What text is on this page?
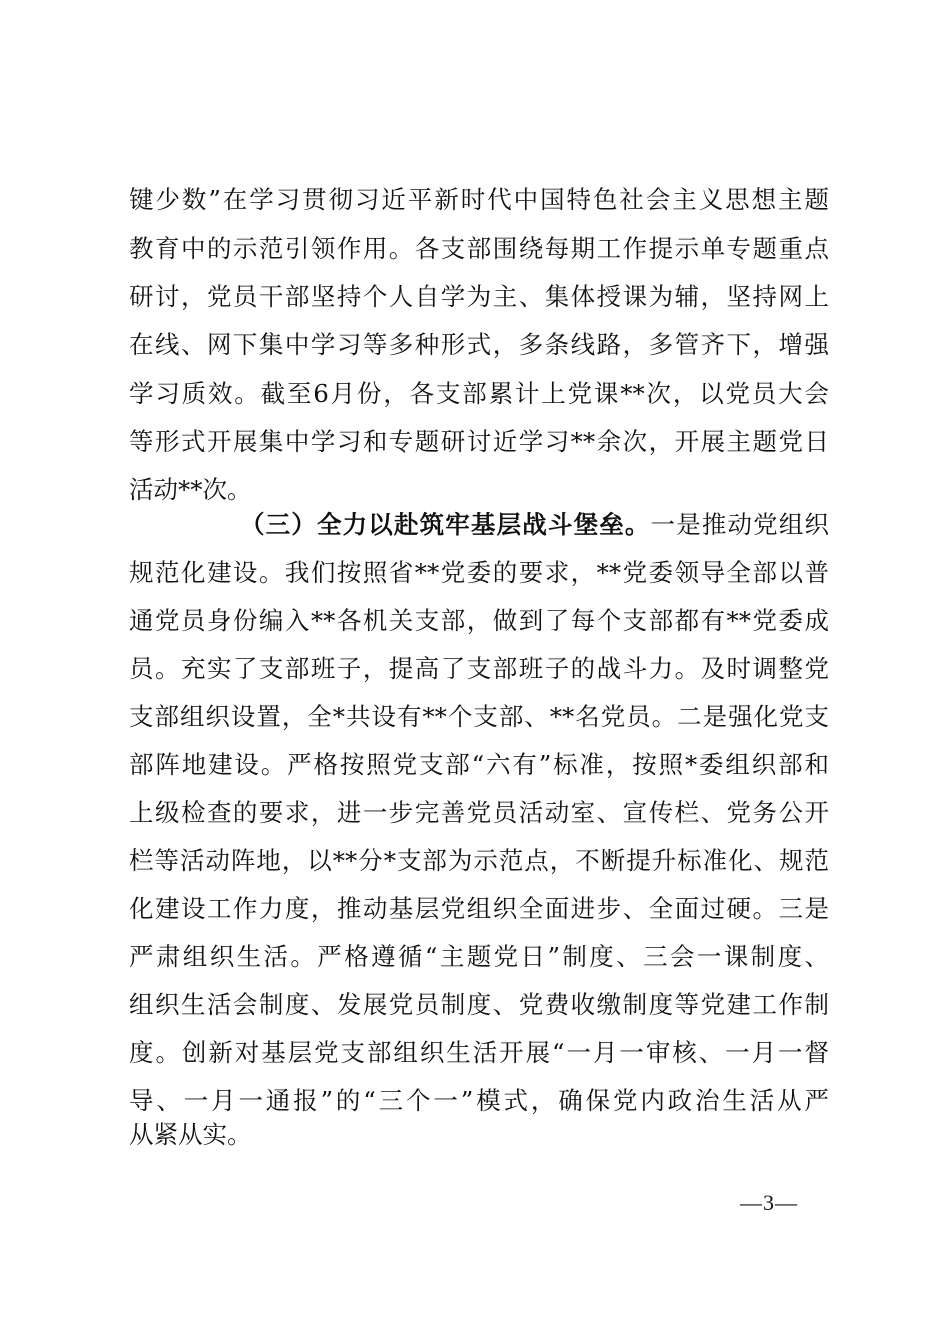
键少数”在学习贯彻习近平新时代中国特色社会主义思想主题
教育中的示范引领作用。各支部围绕每期工作提示单专题重点
研讨，党员干部坚持个人自学为主、集体授课为辅，坚持网上
在线、网下集中学习等多种形式，多条线路，多管齐下，增强
学习质效。截至6月份，各支部累计上党课**次，以党员大会
等形式开展集中学习和专题研讨近学习**余次，开展主题党日
活动**次。
（三）全力以赴筑牢基层战斗堡垒。一是推动党组织
规范化建设。我们按照省**党委的要求，**党委领导全部以普
通党员身份编入**各机关支部，做到了每个支部都有**党委成
员。充实了支部班子，提高了支部班子的战斗力。及时调整党
支部组织设置，全*共设有**个支部、**名党员。二是强化党支
部阵地建设。严格按照党支部“六有”标准，按照*委组织部和
上级检查的要求，进一步完善党员活动室、宣传栏、党务公开
栏等活动阵地，以**分*支部为示范点，不断提升标准化、规范
化建设工作力度，推动基层党组织全面进步、全面过硬。三是
严肃组织生活。严格遵循“主题党日”制度、三会一课制度、
组织生活会制度、发展党员制度、党费收缴制度等党建工作制
度。创新对基层党支部组织生活开展“一月一审核、一月一督
导、一月一通报”的“三个一”模式，确保党内政治生活从严
从紧从实。
—3—
